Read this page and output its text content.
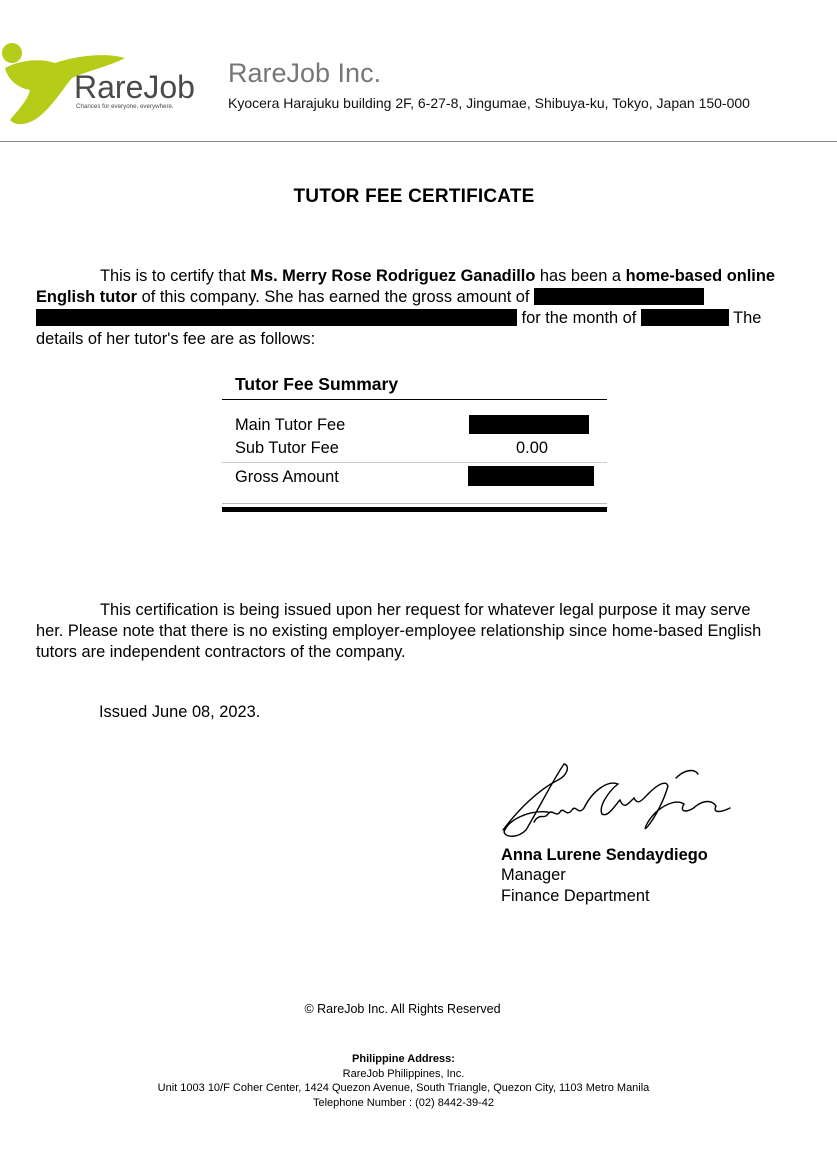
RareJob
Chances for everyone, everywhere.
RareJob Inc.
Kyocera Harajuku building 2F, 6-27-8, Jingumae, Shibuya-ku, Tokyo, Japan 150-000
TUTOR FEE CERTIFICATE
This is to certify that Ms. Merry Rose Rodriguez Ganadillo has been a home-based online English tutor of this company. She has earned the gross amount of   for the month of	The details of her tutor's fee are as follows:
Tutor Fee Summary
Main Tutor Fee
Sub Tutor Fee	0.00
Gross Amount
This certification is being issued upon her request for whatever legal purpose it may serve her. Please note that there is no existing employer-employee relationship since home-based English tutors are independent contractors of the company.
Issued June 08, 2023.
AnnaSendaydiego
Anna Lurene Sendaydiego
Manager
Finance Department
© RareJob Inc. All Rights Reserved
Philippine Address:
RareJob Philippines, Inc.
Unit 1003 10/F Coher Center, 1424 Quezon Avenue, South Triangle, Quezon City, 1103 Metro Manila
Telephone Number : (02) 8442-39-42
